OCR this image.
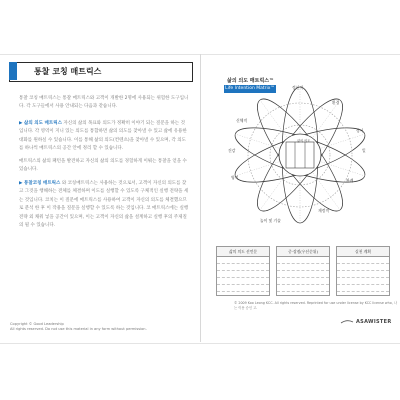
통찰 코칭 매트릭스
통찰 코칭 매트릭스는 통찰 매트릭스와 고객이 개발한 2명에 사용되는 위험한 도구입니다. 각 도구들에서 사용 안내되는 다음과 같습니다.
▶ 삶의 의도 매트릭스 자신의 삶의 목표와 의도가 정확히 이야기 되는 질문을 하는 것입니다. 각 영역이 지니 있는 의도를 통합하면 삶의 의도를 찾아낼 수 있고 삶에 유용한 대화를 원하실 수 있습니다. 이를 통해 삶의 의도(컨텐츠)을 찾아낼 수 있으며, 각 의도를 하나씩 매트릭스의 공간 안에 정리 할 수 있습니다.
매트릭스의 삶의 패턴을 발견하고 자신의 삶의 의도를 경험하게 이뤄는 통찰을 얻을 수 있습니다.
▶ 통찰코칭 매트릭스 와 코칭매트릭스는 사용하는 것으로서, 고객이 자신의 의도를 찾고 그것을 행해하는 전체를 체결하며 이도를 실행할 수 있도록 구체적인 실행 전략을 세는 것입니다. 코치는 이 질문에 매트릭스를 사용하여 고객이 자신의 의도를 체결했으므로 분석 한 후 이 작용을 질문을 실행할 수 있도록 하는 것입니다. 코 매트릭스에는 실행전략 외 채워 넣을 공간이 있으며, 이는 고객이 자신의 삶을 설계하고 실행 후의 주제질의 될 수 있습니다.
Copyright © Good Leadership
All rights reserved. Do not use this material in any form without permission.
삶의 의도 매트릭스™
Life Intention Matrix™	정신적
환경
정서
일
관계
재정적
놀이 및 기술
영적
건강
신체적
삶의 의도
삶의 의도 선언문	중·장점(우선순위)	실천 계획
© 2009 Koo Leong KCC. All rights reserved. Reprinted for use under license by KCC license who, 나는 이용 승인 고.
ASAWISTER
